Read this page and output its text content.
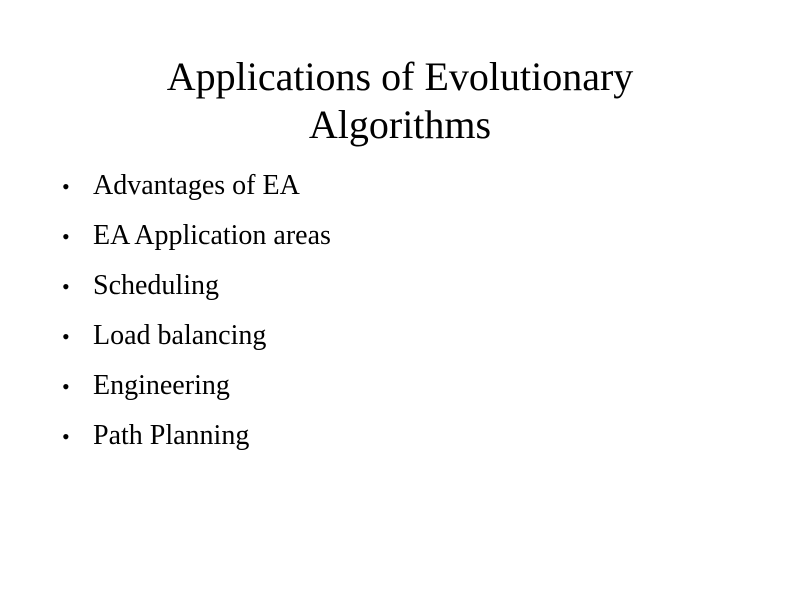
Applications of Evolutionary
Algorithms
• Advantages of EA
• EA Application areas
• Scheduling
• Load balancing
• Engineering
• Path Planning
